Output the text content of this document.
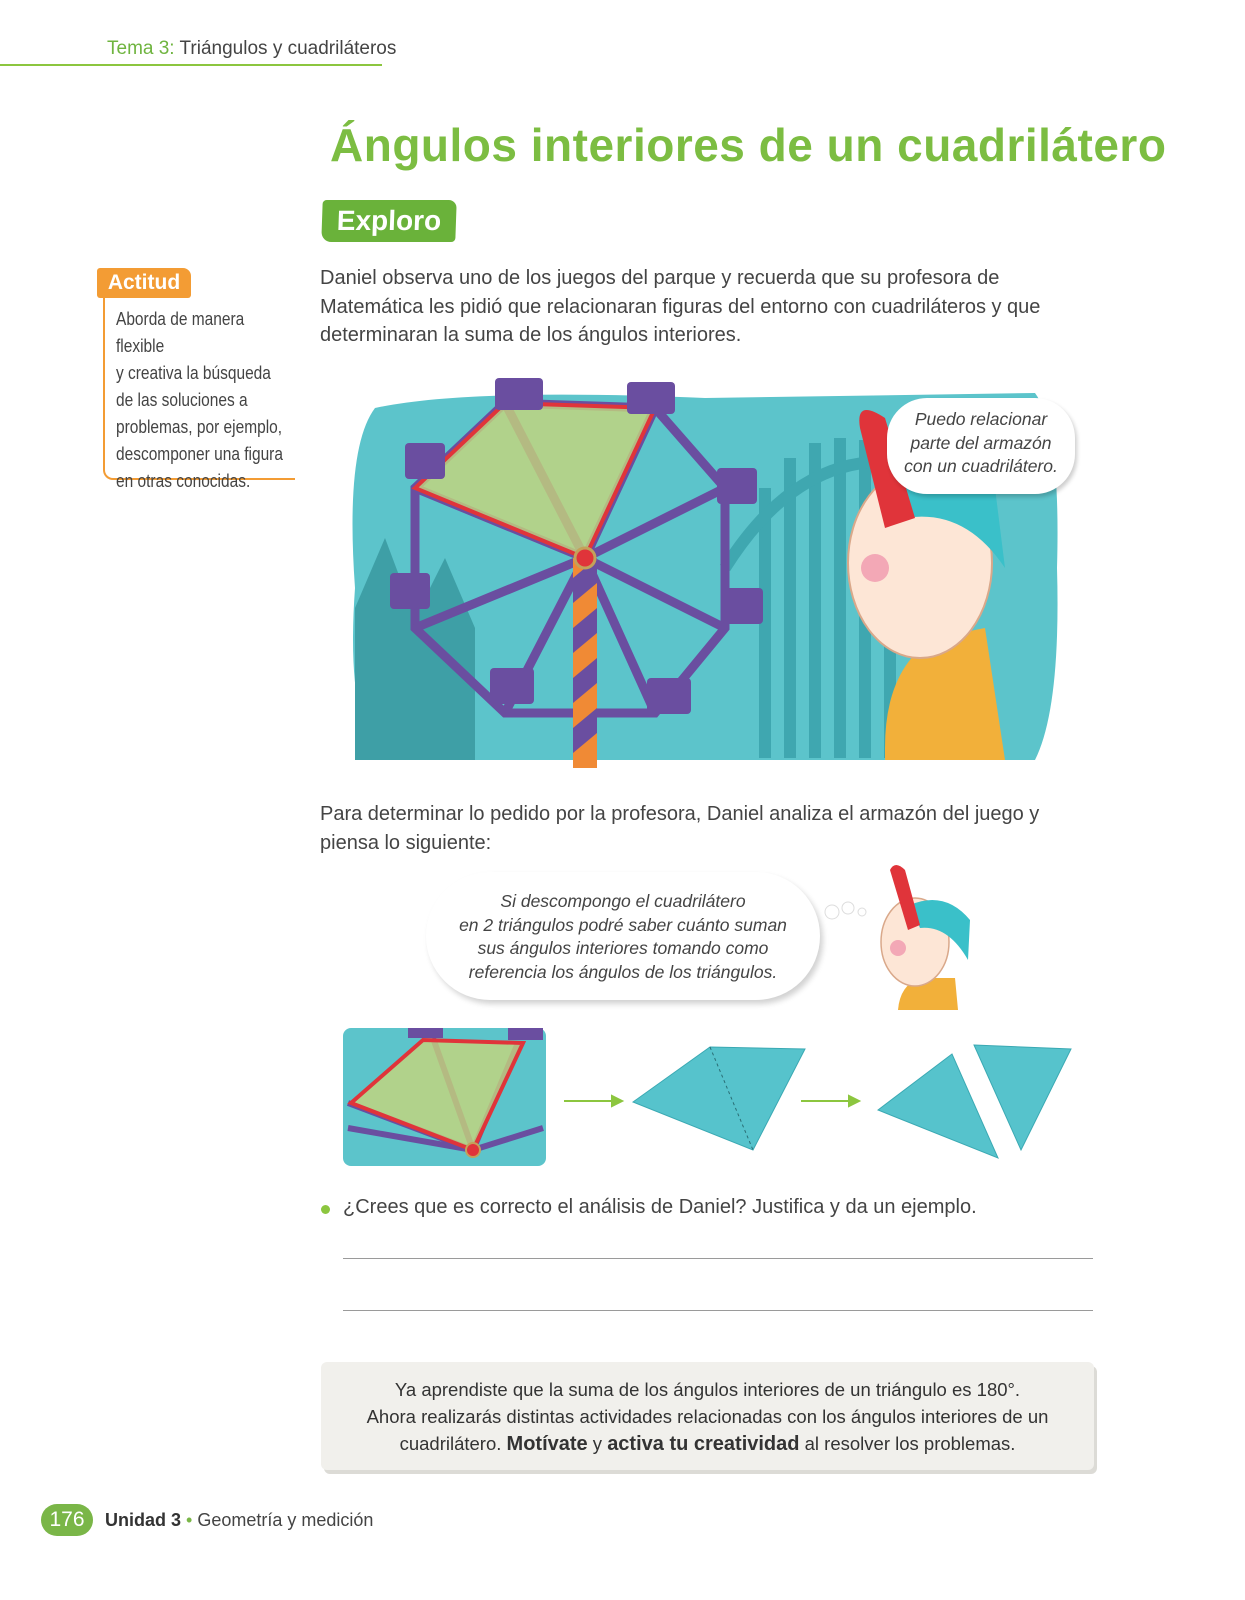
Tema 3: Triángulos y cuadriláteros
Ángulos interiores de un cuadrilátero
Exploro
Actitud
Aborda de manera flexible
y creativa la búsqueda
de las soluciones a
problemas, por ejemplo,
descomponer una figura
en otras conocidas.
Daniel observa uno de los juegos del parque y recuerda que su profesora de Matemática les pidió que relacionaran figuras del entorno con cuadriláteros y que determinaran la suma de los ángulos interiores.
Puedo relacionar
parte del armazón
con un cuadrilátero.
Para determinar lo pedido por la profesora, Daniel analiza el armazón del juego y piensa lo siguiente:
Si descompongo el cuadrilátero
en 2 triángulos podré saber cuánto suman
sus ángulos interiores tomando como
referencia los ángulos de los triángulos.
¿Crees que es correcto el análisis de Daniel? Justifica y da un ejemplo.
Ya aprendiste que la suma de los ángulos interiores de un triángulo es 180°.
Ahora realizarás distintas actividades relacionadas con los ángulos interiores de un
cuadrilátero. Motívate y activa tu creatividad al resolver los problemas.
176	Unidad 3 • Geometría y medición
